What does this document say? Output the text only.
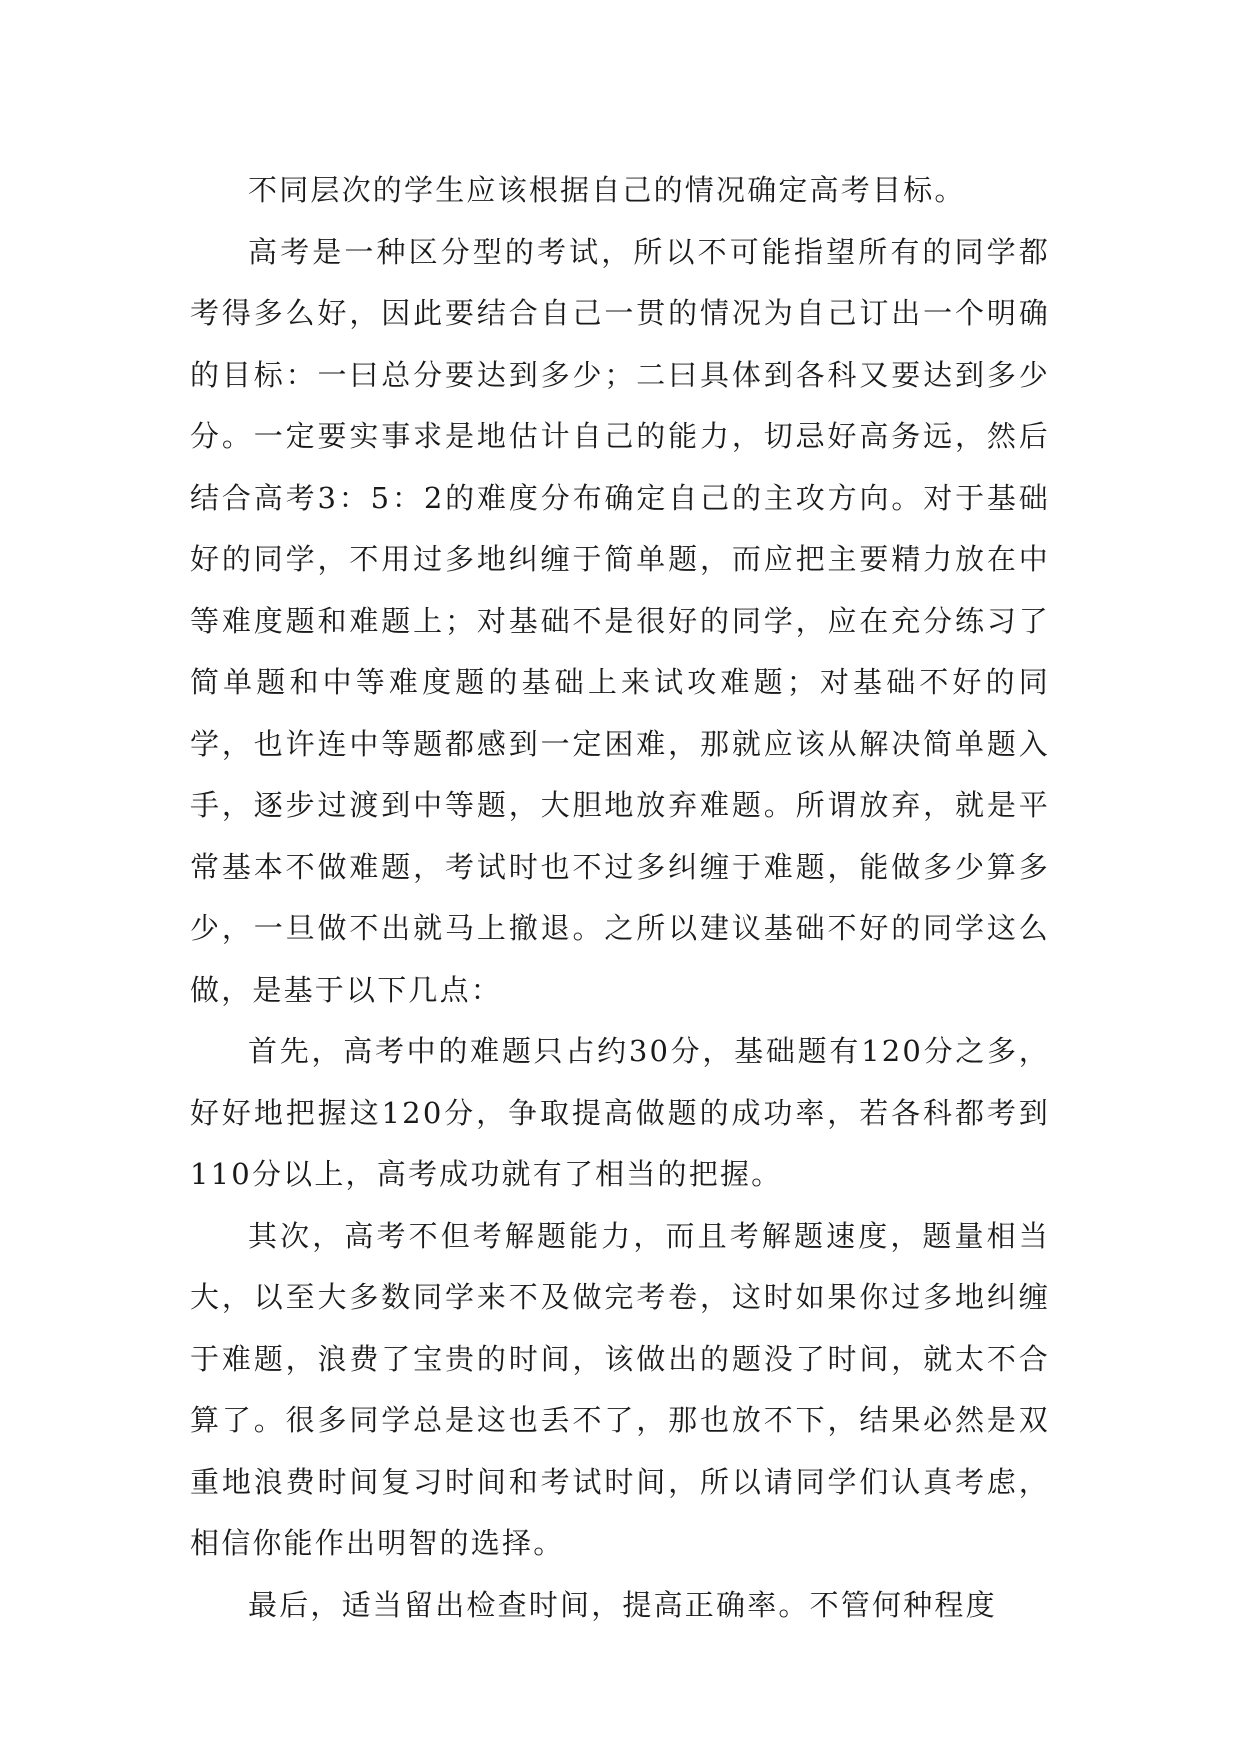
不同层次的学生应该根据自己的情况确定高考目标。

高考是一种区分型的考试，所以不可能指望所有的同学都考得多么好，因此要结合自己一贯的情况为自己订出一个明确的目标：一曰总分要达到多少；二曰具体到各科又要达到多少分。一定要实事求是地估计自己的能力，切忌好高务远，然后结合高考3：5：2的难度分布确定自己的主攻方向。对于基础好的同学，不用过多地纠缠于简单题，而应把主要精力放在中等难度题和难题上；对基础不是很好的同学，应在充分练习了简单题和中等难度题的基础上来试攻难题；对基础不好的同学，也许连中等题都感到一定困难，那就应该从解决简单题入手，逐步过渡到中等题，大胆地放弃难题。所谓放弃，就是平常基本不做难题，考试时也不过多纠缠于难题，能做多少算多少，一旦做不出就马上撤退。之所以建议基础不好的同学这么做，是基于以下几点：

首先，高考中的难题只占约30分，基础题有120分之多，好好地把握这120分，争取提高做题的成功率，若各科都考到110分以上，高考成功就有了相当的把握。

其次，高考不但考解题能力，而且考解题速度，题量相当大，以至大多数同学来不及做完考卷，这时如果你过多地纠缠于难题，浪费了宝贵的时间，该做出的题没了时间，就太不合算了。很多同学总是这也丢不了，那也放不下，结果必然是双重地浪费时间复习时间和考试时间，所以请同学们认真考虑，相信你能作出明智的选择。

最后，适当留出检查时间，提高正确率。不管何种程度
